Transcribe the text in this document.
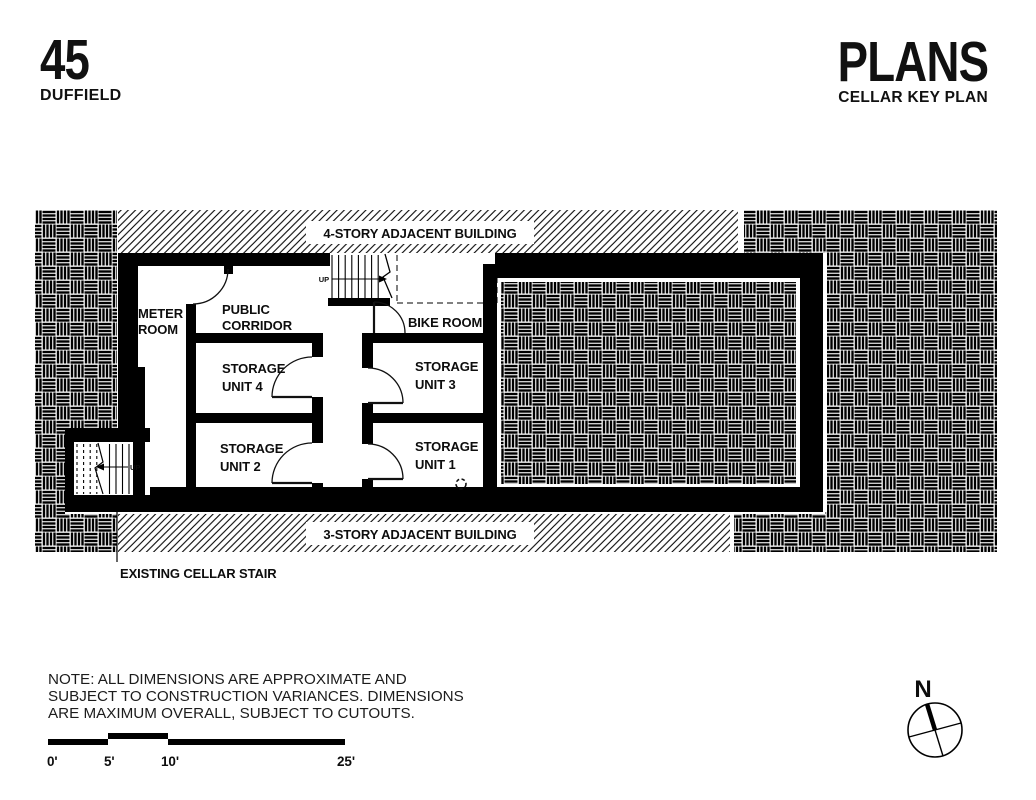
45
DUFFIELD
PLANS
CELLAR KEY PLAN
4-STORY ADJACENT BUILDING
3-STORY ADJACENT BUILDING
UP
UP
METER
ROOM
PUBLIC
CORRIDOR	BIKE ROOM
STORAGE
UNIT 4
STORAGE
UNIT 3
STORAGE
UNIT 2
STORAGE
UNIT 1
EXISTING CELLAR STAIR
0'	5'	10'	25'
N
NOTE: ALL DIMENSIONS ARE APPROXIMATE AND
SUBJECT TO CONSTRUCTION VARIANCES. DIMENSIONS
ARE MAXIMUM OVERALL, SUBJECT TO CUTOUTS.
